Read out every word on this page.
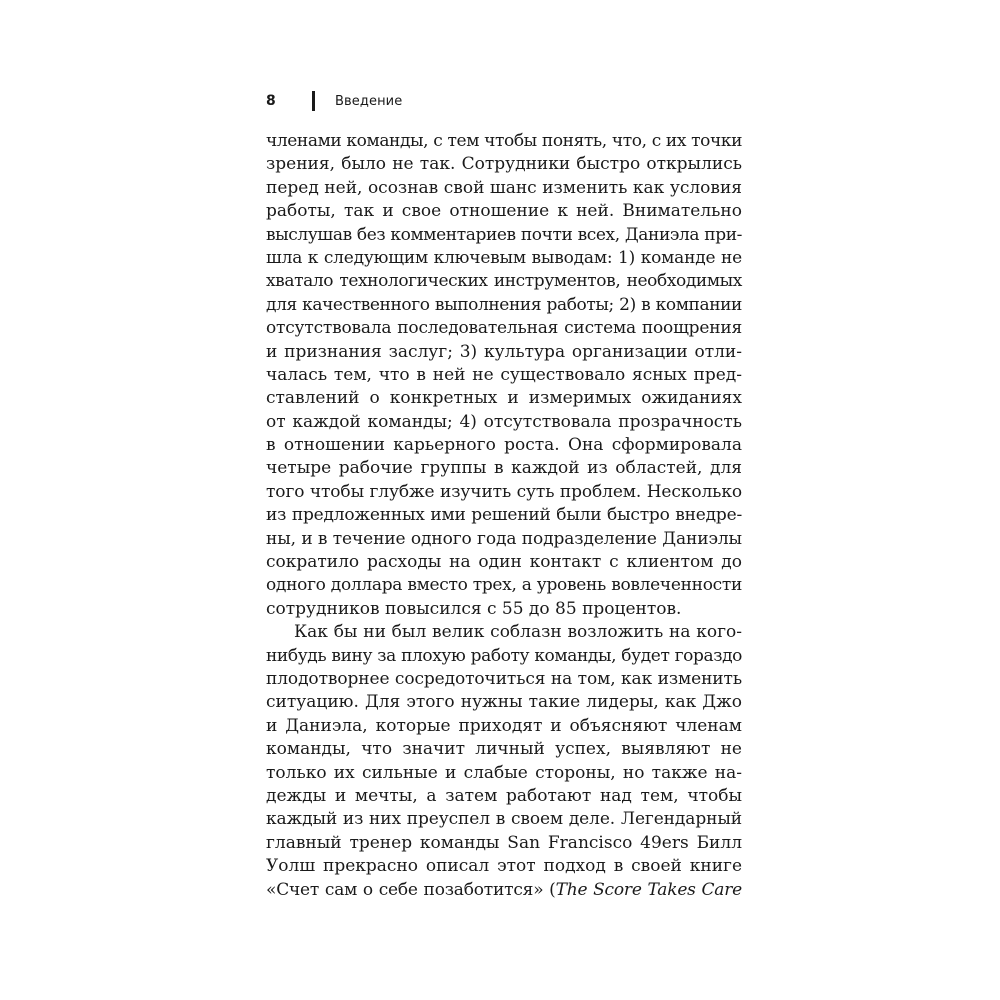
8	Введение
членами команды, с тем чтобы понять, что, с их точки
зрения, было не так. Сотрудники быстро открылись
перед ней, осознав свой шанс изменить как условия
работы, так и свое отношение к ней. Внимательно
выслушав без комментариев почти всех, Даниэла при-
шла к следующим ключевым выводам: 1) команде не
хватало технологических инструментов, необходимых
для качественного выполнения работы; 2) в компании
отсутствовала последовательная система поощрения
и признания заслуг; 3) культура организации отли-
чалась тем, что в ней не существовало ясных пред-
ставлений о конкретных и измеримых ожиданиях
от каждой команды; 4) отсутствовала прозрачность
в отношении карьерного роста. Она сформировала
четыре рабочие группы в каждой из областей, для
того чтобы глубже изучить суть проблем. Несколько
из предложенных ими решений были быстро внедре-
ны, и в течение одного года подразделение Даниэлы
сократило расходы на один контакт с клиентом до
одного доллара вместо трех, а уровень вовлеченности
сотрудников повысился с 55 до 85 процентов.
Как бы ни был велик соблазн возложить на кого-
нибудь вину за плохую работу команды, будет гораздо
плодотворнее сосредоточиться на том, как изменить
ситуацию. Для этого нужны такие лидеры, как Джо
и Даниэла, которые приходят и объясняют членам
команды, что значит личный успех, выявляют не
только их сильные и слабые стороны, но также на-
дежды и мечты, а затем работают над тем, чтобы
каждый из них преуспел в своем деле. Легендарный
главный тренер команды San Francisco 49ers Билл
Уолш прекрасно описал этот подход в своей книге
«Счет сам о себе позаботится» (The Score Takes Care
